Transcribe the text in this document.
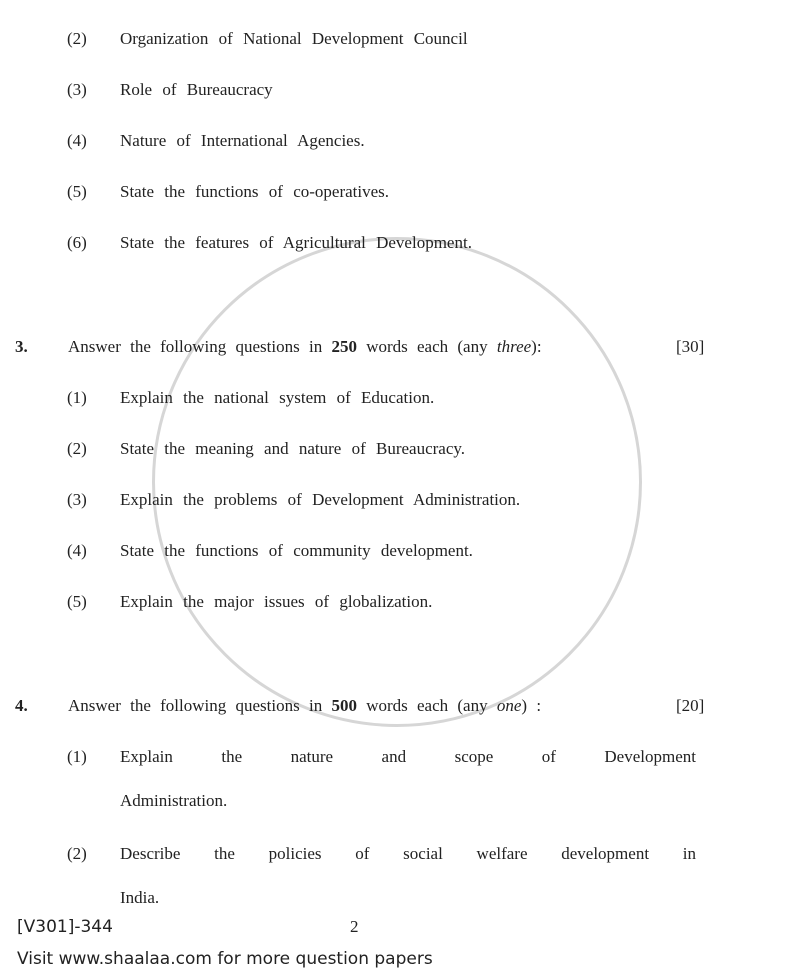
(2) Organization of National Development Council
(3) Role of Bureaucracy
(4) Nature of International Agencies.
(5) State the functions of co-operatives.
(6) State the features of Agricultural Development.
3. Answer the following questions in 250 words each (any three):	[30]
(1) Explain the national system of Education.
(2) State the meaning and nature of Bureaucracy.
(3) Explain the problems of Development Administration.
(4) State the functions of community development.
(5) Explain the major issues of globalization.
4. Answer the following questions in 500 words each (any one) :	[20]
(1) Explain the nature and scope of Development
Administration.
(2) Describe the policies of social welfare development in
India.
[V301]-344	2
Visit www.shaalaa.com for more question papers
